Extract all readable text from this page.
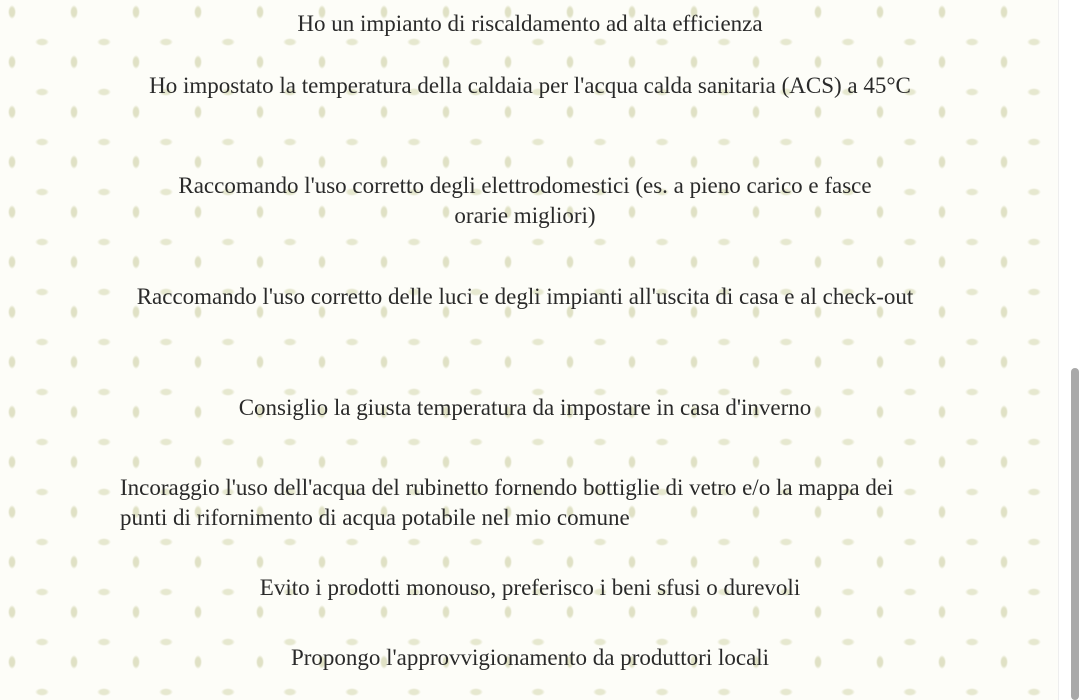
Ho un impianto di riscaldamento ad alta efficienza

Ho impostato la temperatura della caldaia per l'acqua calda sanitaria (ACS) a 45°C

Raccomando l'uso corretto degli elettrodomestici (es. a pieno carico e fasce orarie migliori)

Raccomando l'uso corretto delle luci e degli impianti all'uscita di casa e al check-out

Consiglio la giusta temperatura da impostare in casa d'inverno

Incoraggio l'uso dell'acqua del rubinetto fornendo bottiglie di vetro e/o la mappa dei punti di rifornimento di acqua potabile nel mio comune

Evito i prodotti monouso, preferisco i beni sfusi o durevoli

Propongo l'approvvigionamento da produttori locali
